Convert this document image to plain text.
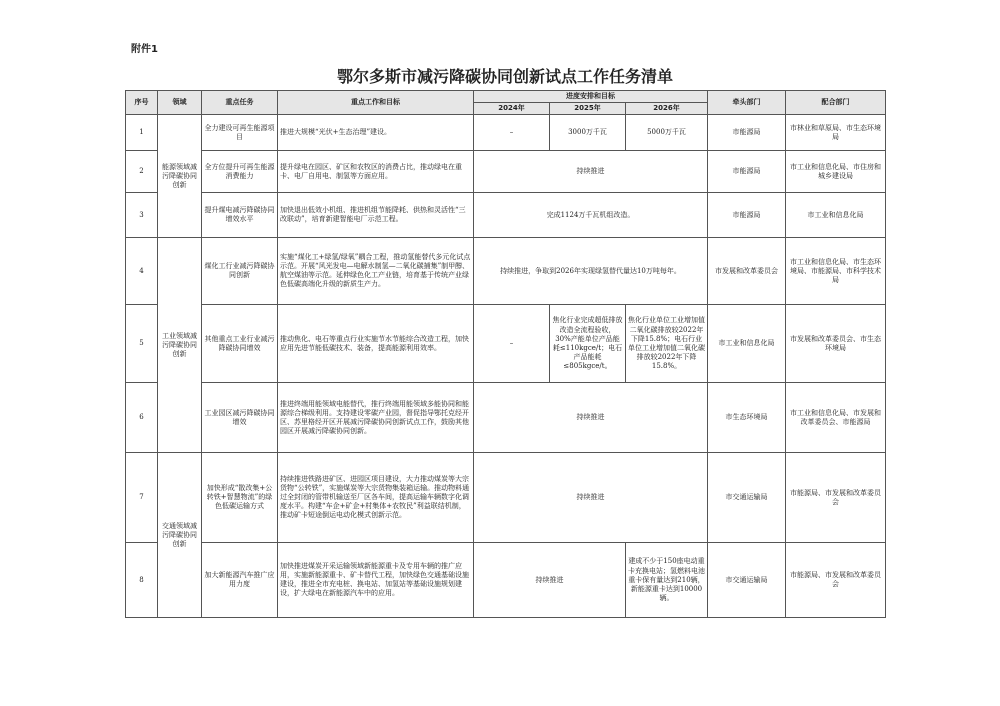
附件1
鄂尔多斯市减污降碳协同创新试点工作任务清单
序号	领域	重点任务	重点工作和目标	进度安排和目标			牵头部门	配合部门
				2024年	2025年	2026年		
1	能源领域减污降碳协同创新	全力建设可再生能源项目	推进大规模“光伏+生态治理”建设。	–	3000万千瓦	5000万千瓦	市能源局	市林业和草原局、市生态环境局
2		全方位提升可再生能源消费能力	提升绿电在园区、矿区和农牧区的消费占比，推动绿电在重卡、电厂自用电、制氢等方面应用。	持续推进			市能源局	市工业和信息化局、市住房和城乡建设局
3		提升煤电减污降碳协同增效水平	加快退出低效小机组、推进机组节能降耗、供热和灵活性“三改联动”，培育新建智能电厂示范工程。	完成1124万千瓦机组改造。			市能源局	市工业和信息化局
4	工业领域减污降碳协同创新	煤化工行业减污降碳协同创新	实施“煤化工+绿氢/绿氧”耦合工程，推动氢能替代多元化试点示范。开展“风光发电—电解水制氢—二氧化碳捕集”制甲醇、航空煤油等示范。延伸绿色化工产业链，培育基于传统产业绿色低碳高端化升级的新质生产力。	持续推进，争取到2026年实现绿氢替代量达10万吨每年。			市发展和改革委员会	市工业和信息化局、市生态环境局、市能源局、市科学技术局
5		其他重点工业行业减污降碳协同增效	推动焦化、电石等重点行业实施节水节能综合改造工程，加快应用先进节能低碳技术、装备，提高能源利用效率。	–	焦化行业完成超低排放改造全流程验收，30%产能单位产品能耗≤110kgce/t；电石产品能耗≤805kgce/t。	焦化行业单位工业增加值二氧化碳排放较2022年下降15.8%；电石行业单位工业增加值二氧化碳排放较2022年下降15.8%。	市工业和信息化局	市发展和改革委员会、市生态环境局
6		工业园区减污降碳协同增效	推进终端用能领域电能替代，推行终端用能领域多能协同和能源综合梯级利用。支持建设零碳产业园，督促指导鄂托克经开区、苏里格经开区开展减污降碳协同创新试点工作，鼓励其他园区开展减污降碳协同创新。	持续推进			市生态环境局	市工业和信息化局、市发展和改革委员会、市能源局
7	交通领域减污降碳协同创新	加快形成“散改集+公转铁+智慧物流”的绿色低碳运输方式	持续推进铁路进矿区、进园区项目建设，大力推动煤炭等大宗货物“公转铁”，实施煤炭等大宗货物集装箱运输。推动物料通过全封闭的管带机输送至厂区各车间，提高运输车辆数字化调度水平。构建“车企+矿企+村集体+农牧民”利益联结机制，推动矿卡短途倒运电动化模式创新示范。	持续推进			市交通运输局	市能源局、市发展和改革委员会
8		加大新能源汽车推广应用力度	加快推进煤炭开采运输领域新能源重卡及专用车辆的推广应用，实施新能源重卡、矿卡替代工程，加快绿色交通基础设施建设，推进全市充电桩、换电站、加氢站等基础设施规划建设，扩大绿电在新能源汽车中的应用。	持续推进		建成不少于150座电动重卡充换电站；氢燃料电池重卡保有量达到210辆，新能源重卡达到10000辆。	市交通运输局	市能源局、市发展和改革委员会
